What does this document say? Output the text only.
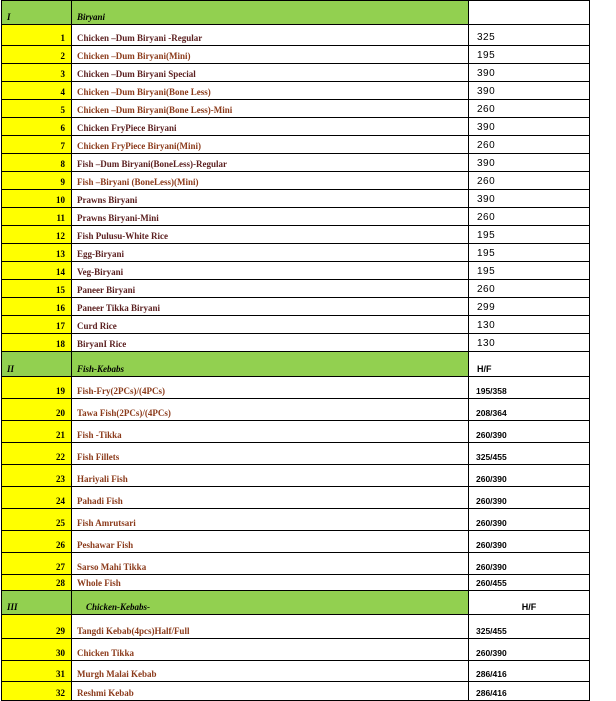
I	Biryani
1	Chicken –Dum Biryani -Regular	325
2	Chicken –Dum Biryani(Mini)	195
3	Chicken –Dum Biryani Special	390
4	Chicken –Dum Biryani(Bone Less)	390
5	Chicken –Dum Biryani(Bone Less)-Mini	260
6	Chicken FryPiece Biryani	390
7	Chicken FryPiece Biryani(Mini)	260
8	Fish –Dum Biryani(BoneLess)-Regular	390
9	Fish –Biryani (BoneLess)(Mini)	260
10	Prawns Biryani	390
11	Prawns Biryani-Mini	260
12	Fish Pulusu-White Rice	195
13	Egg-Biryani	195
14	Veg-Biryani	195
15	Paneer Biryani	260
16	Paneer Tikka Biryani	299
17	Curd Rice	130
18	BiryanI Rice	130
II	Fish-Kebabs	H/F
19	Fish-Fry(2PCs)/(4PCs)	195/358
20	Tawa Fish(2PCs)/(4PCs)	208/364
21	Fish -Tikka	260/390
22	Fish Fillets	325/455
23	Hariyali Fish	260/390
24	Pahadi Fish	260/390
25	Fish Amrutsari	260/390
26	Peshawar Fish	260/390
27	Sarso Mahi Tikka	260/390
28	Whole Fish	260/455
III	Chicken-Kebabs-	H/F
29	Tangdi Kebab(4pcs)Half/Full	325/455
30	Chicken Tikka	260/390
31	Murgh Malai Kebab	286/416
32	Reshmi Kebab	286/416
